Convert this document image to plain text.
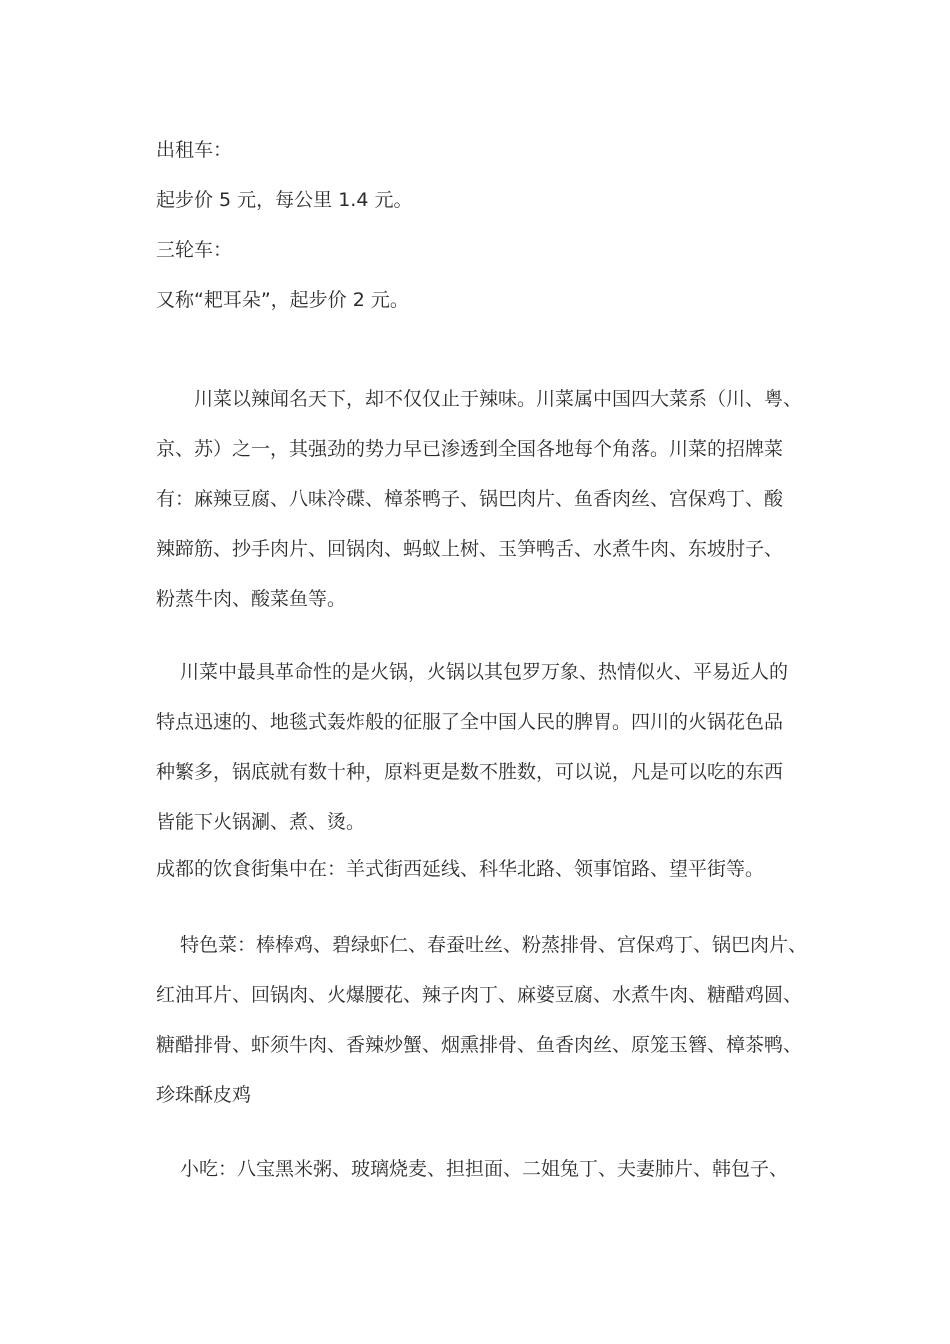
出租车：
起步价 5 元，每公里 1.4 元。
三轮车：
又称“耙耳朵”，起步价 2 元。
川菜以辣闻名天下，却不仅仅止于辣味。川菜属中国四大菜系（川、粤、
京、苏）之一，其强劲的势力早已渗透到全国各地每个角落。川菜的招牌菜
有：麻辣豆腐、八味冷碟、樟茶鸭子、锅巴肉片、鱼香肉丝、宫保鸡丁、酸
辣蹄筋、抄手肉片、回锅肉、蚂蚁上树、玉笋鸭舌、水煮牛肉、东坡肘子、
粉蒸牛肉、酸菜鱼等。
川菜中最具革命性的是火锅，火锅以其包罗万象、热情似火、平易近人的
特点迅速的、地毯式轰炸般的征服了全中国人民的脾胃。四川的火锅花色品
种繁多，锅底就有数十种，原料更是数不胜数，可以说，凡是可以吃的东西
皆能下火锅涮、煮、烫。
成都的饮食街集中在：羊式街西延线、科华北路、领事馆路、望平街等。
特色菜：棒棒鸡、碧绿虾仁、春蚕吐丝、粉蒸排骨、宫保鸡丁、锅巴肉片、
红油耳片、回锅肉、火爆腰花、辣子肉丁、麻婆豆腐、水煮牛肉、糖醋鸡圆、
糖醋排骨、虾须牛肉、香辣炒蟹、烟熏排骨、鱼香肉丝、原笼玉簪、樟茶鸭、
珍珠酥皮鸡
小吃：八宝黑米粥、玻璃烧麦、担担面、二姐兔丁、夫妻肺片、韩包子、
